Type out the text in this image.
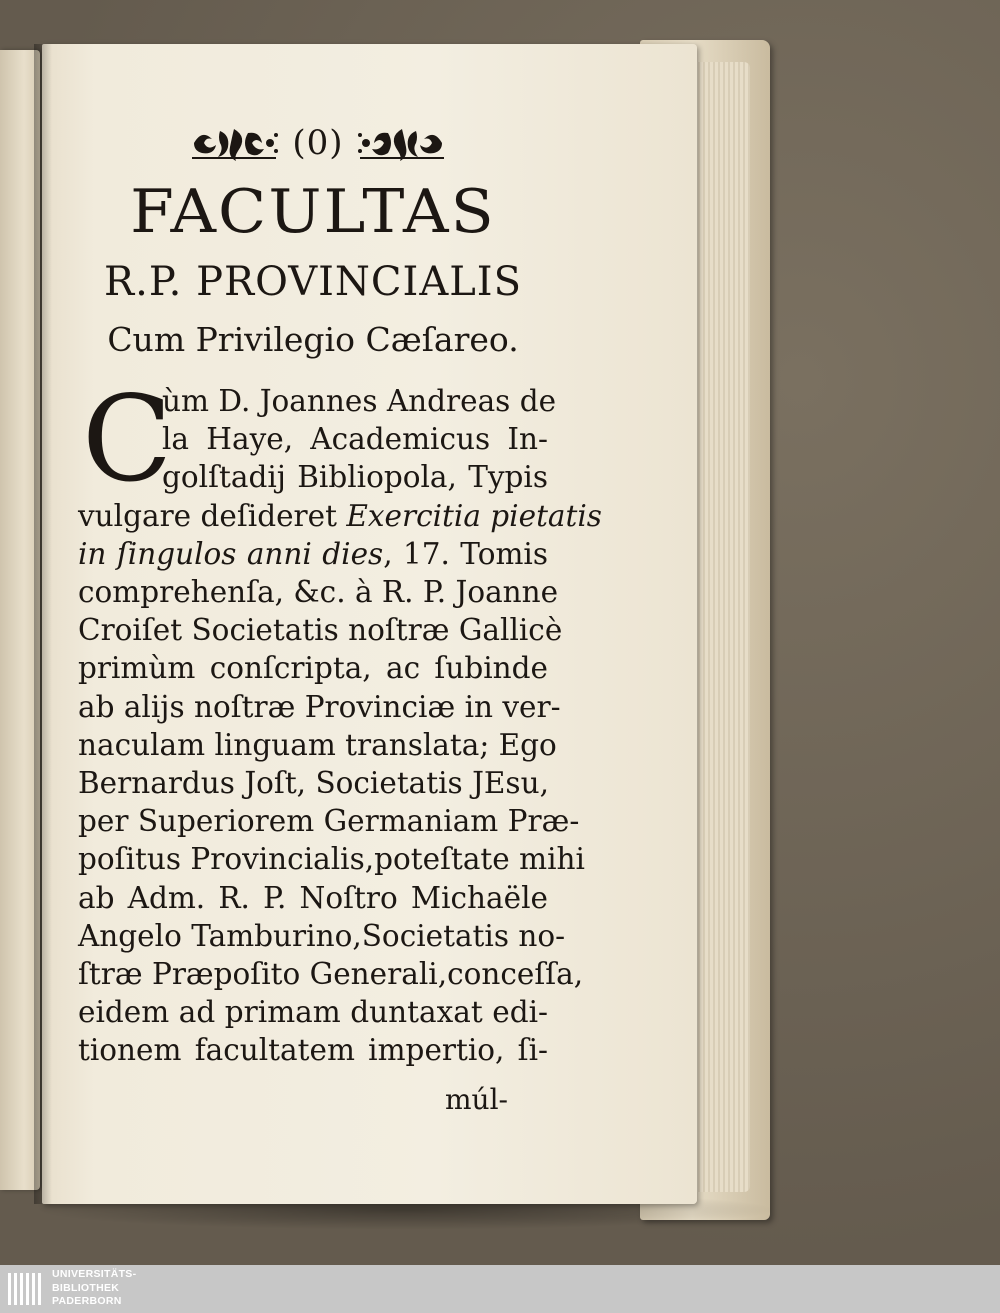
(0)
FACULTAS
R.P. PROVINCIALIS
Cum Privilegio Cæſareo.
C
ùm D. Joannes Andreas de
la Haye, Academicus In-
golſtadij Bibliopola, Typis
vulgare deſideret Exercitia pietatis
in ſingulos anni dies, 17. Tomis
comprehenſa, &c. à R. P. Joanne
Croiſet Societatis noſtræ Gallicè
primùm conſcripta, ac ſubinde
ab alijs noſtræ Provinciæ in ver-
naculam linguam translata; Ego
Bernardus Joſt, Societatis JEsu,
per Superiorem Germaniam Præ-
poſitus Provincialis,poteſtate mihi
ab Adm. R. P. Noſtro Michaële
Angelo Tamburino,Societatis no-
ſtræ Præpoſito Generali,conceſſa,
eidem ad primam duntaxat edi-
tionem facultatem impertio, ſi-
múl-
UNIVERSITÄTS-
BIBLIOTHEK
PADERBORN
